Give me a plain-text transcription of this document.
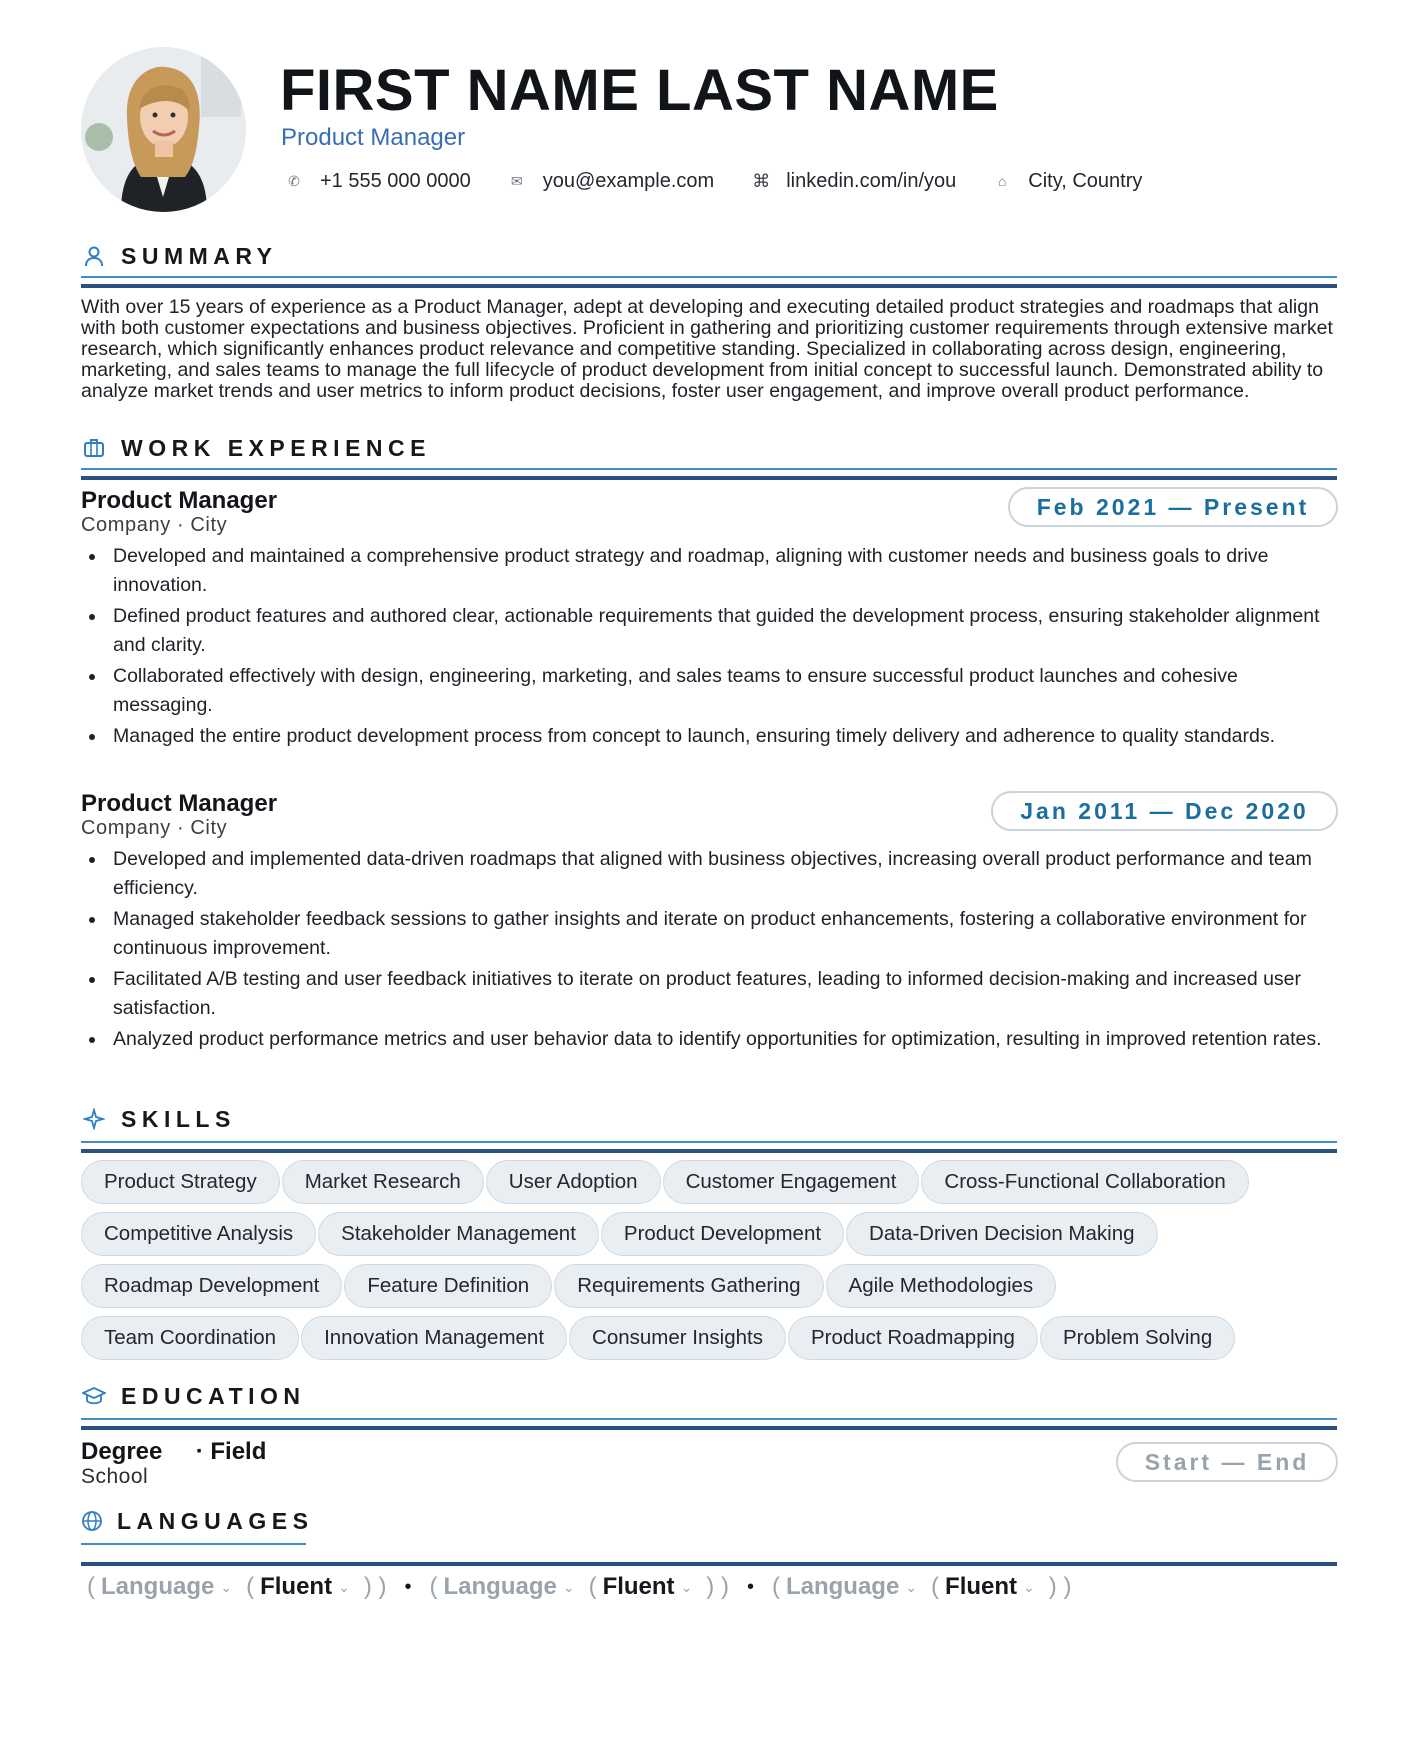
FIRST NAME LAST NAME
Product Manager
✆ +1 555 000 0000	✉ you@example.com ⌘ linkedin.com/in/you	⌂ City, Country
SUMMARY
With over 15 years of experience as a Product Manager, adept at developing and executing detailed product strategies and roadmaps that align with both customer expectations and business objectives. Proficient in gathering and prioritizing customer requirements through extensive market research, which significantly enhances product relevance and competitive standing. Specialized in collaborating across design, engineering, marketing, and sales teams to manage the full lifecycle of product development from initial concept to successful launch. Demonstrated ability to analyze market trends and user metrics to inform product decisions, foster user engagement, and improve overall product performance.
WORK EXPERIENCE
Product Manager
Company · City
Feb 2021 — Present
Developed and maintained a comprehensive product strategy and roadmap, aligning with customer needs and business goals to drive innovation.
Defined product features and authored clear, actionable requirements that guided the development process, ensuring stakeholder alignment and clarity.
Collaborated effectively with design, engineering, marketing, and sales teams to ensure successful product launches and cohesive messaging.
Managed the entire product development process from concept to launch, ensuring timely delivery and adherence to quality standards.
Product Manager
Company · City
Jan 2011 — Dec 2020
Developed and implemented data-driven roadmaps that aligned with business objectives, increasing overall product performance and team efficiency.
Managed stakeholder feedback sessions to gather insights and iterate on product enhancements, fostering a collaborative environment for continuous improvement.
Facilitated A/B testing and user feedback initiatives to iterate on product features, leading to informed decision-making and increased user satisfaction.
Analyzed product performance metrics and user behavior data to identify opportunities for optimization, resulting in improved retention rates.
SKILLS
Product Strategy	Market Research	User Adoption	Customer Engagement	Cross-Functional Collaboration
Competitive Analysis	Stakeholder Management	Product Development	Data-Driven Decision Making
Roadmap Development	Feature Definition	Requirements Gathering	Agile Methodologies
Team Coordination	Innovation Management	Consumer Insights	Product Roadmapping	Problem Solving
EDUCATION
Degree · Field
School
Start — End
LANGUAGES
( Language ⌄ ( Fluent ⌄ ) ) • ( Language ⌄ ( Fluent ⌄ ) ) • ( Language ⌄ ( Fluent ⌄ ) )
